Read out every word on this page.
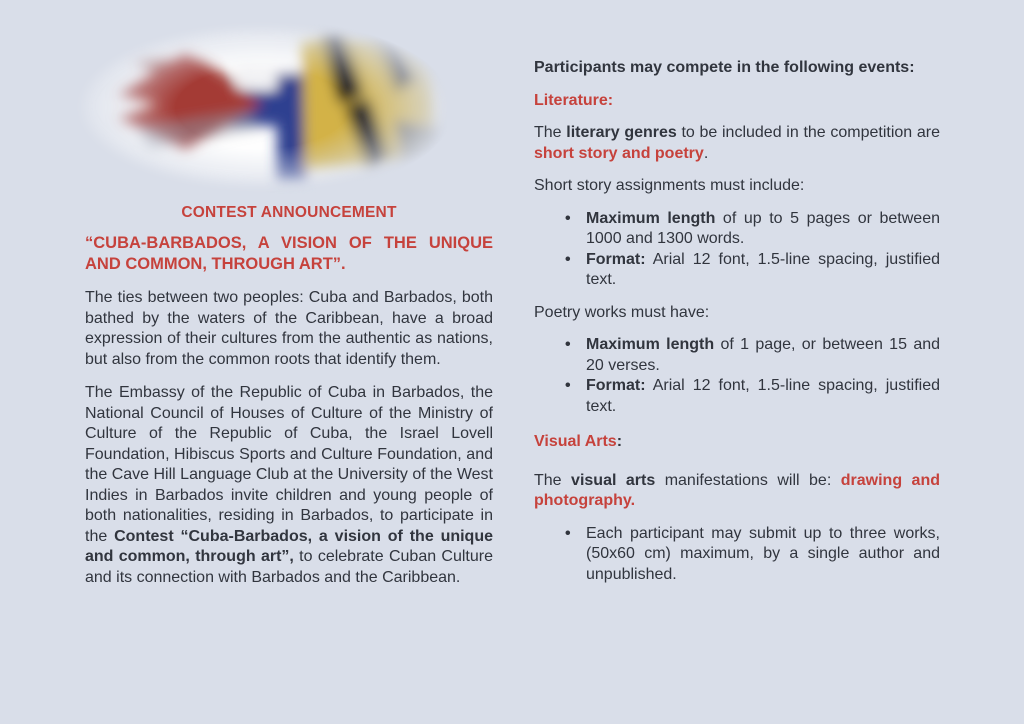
CONTEST ANNOUNCEMENT
“CUBA-BARBADOS, A VISION OF THE UNIQUE AND COMMON, THROUGH ART”.

The ties between two peoples: Cuba and Barbados, both bathed by the waters of the Caribbean, have a broad expression of their cultures from the authentic as nations, but also from the common roots that identify them.

The Embassy of the Republic of Cuba in Barbados, the National Council of Houses of Culture of the Ministry of Culture of the Republic of Cuba, the Israel Lovell Foundation, Hibiscus Sports and Culture Foundation, and the Cave Hill Language Club at the University of the West Indies in Barbados invite children and young people of both nationalities, residing in Barbados, to participate in the Contest “Cuba-Barbados, a vision of the unique and common, through art”, to celebrate Cuban Culture and its connection with Barbados and the Caribbean.

Participants may compete in the following events:

Literature:

The literary genres to be included in the competition are short story and poetry.

Short story assignments must include:

• Maximum length of up to 5 pages or between 1000 and 1300 words.
• Format: Arial 12 font, 1.5-line spacing, justified text.

Poetry works must have:

• Maximum length of 1 page, or between 15 and 20 verses.
• Format: Arial 12 font, 1.5-line spacing, justified text.

Visual Arts:

The visual arts manifestations will be: drawing and photography.

• Each participant may submit up to three works, (50x60 cm) maximum, by a single author and unpublished.
